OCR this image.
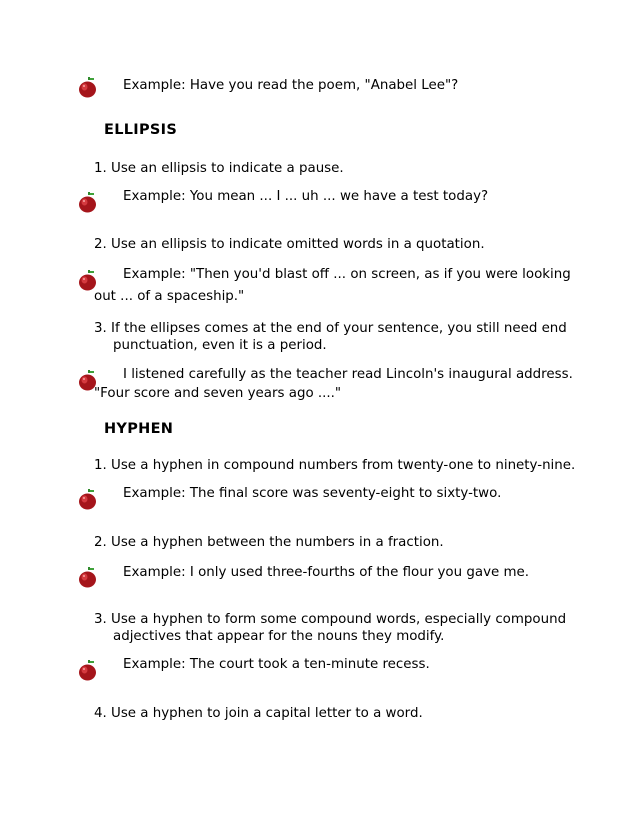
Example: Have you read the poem, "Anabel Lee"?
ELLIPSIS
1. Use an ellipsis to indicate a pause.
Example: You mean ... I ... uh ... we have a test today?
2. Use an ellipsis to indicate omitted words in a quotation.
Example: "Then you'd blast off ... on screen, as if you were looking
out ... of a spaceship."
3. If the ellipses comes at the end of your sentence, you still need end
punctuation, even it is a period.
I listened carefully as the teacher read Lincoln's inaugural address.
"Four score and seven years ago ...."
HYPHEN
1. Use a hyphen in compound numbers from twenty-one to ninety-nine.
Example: The final score was seventy-eight to sixty-two.
2. Use a hyphen between the numbers in a fraction.
Example: I only used three-fourths of the flour you gave me.
3. Use a hyphen to form some compound words, especially compound
adjectives that appear for the nouns they modify.
Example: The court took a ten-minute recess.
4. Use a hyphen to join a capital letter to a word.
